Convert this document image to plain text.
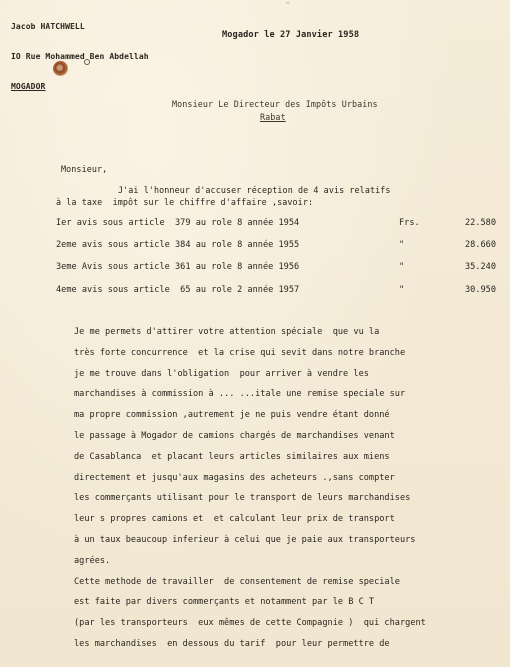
⌒

Jacob HATCHWELL

IO Rue Mohammed Ben Abdellah

MOGADOR

Mogador le 27 Janvier 1958
Monsieur Le Directeur des Impôts Urbains
Rabat
Monsieur,
J'ai l'honneur d'accuser réception de 4 avis relatifs
à la taxe  impôt sur le chiffre d'affaire ,savoir:
Ier avis sous article  379 au role 8 année 1954	Frs.	22.580
2eme avis sous article 384 au role 8 année 1955	"	28.660
3eme Avis sous article 361 au role 8 année 1956	"	35.240
4eme avis sous article  65 au role 2 année 1957	"	30.950
Je me permets d'attirer votre attention spéciale  que vu la
très forte concurrence  et la crise qui sevit dans notre branche
je me trouve dans l'obligation  pour arriver à vendre les
marchandises à commission à ... ...itale une remise speciale sur
ma propre commission ,autrement je ne puis vendre étant donné
le passage à Mogador de camions chargés de marchandises venant
de Casablanca  et placant leurs articles similaires aux miens
directement et jusqu'aux magasins des acheteurs .,sans compter
les commerçants utilisant pour le transport de leurs marchandises
leur s propres camions et  et calculant leur prix de transport
à un taux beaucoup inferieur à celui que je paie aux transporteurs
agrées.
Cette methode de travailler  de consentement de remise speciale
est faite par divers commerçants et notamment par le B C T
(par les transporteurs  eux mêmes de cette Compagnie )  qui chargent
les marchandises  en dessous du tarif  pour leur permettre de
